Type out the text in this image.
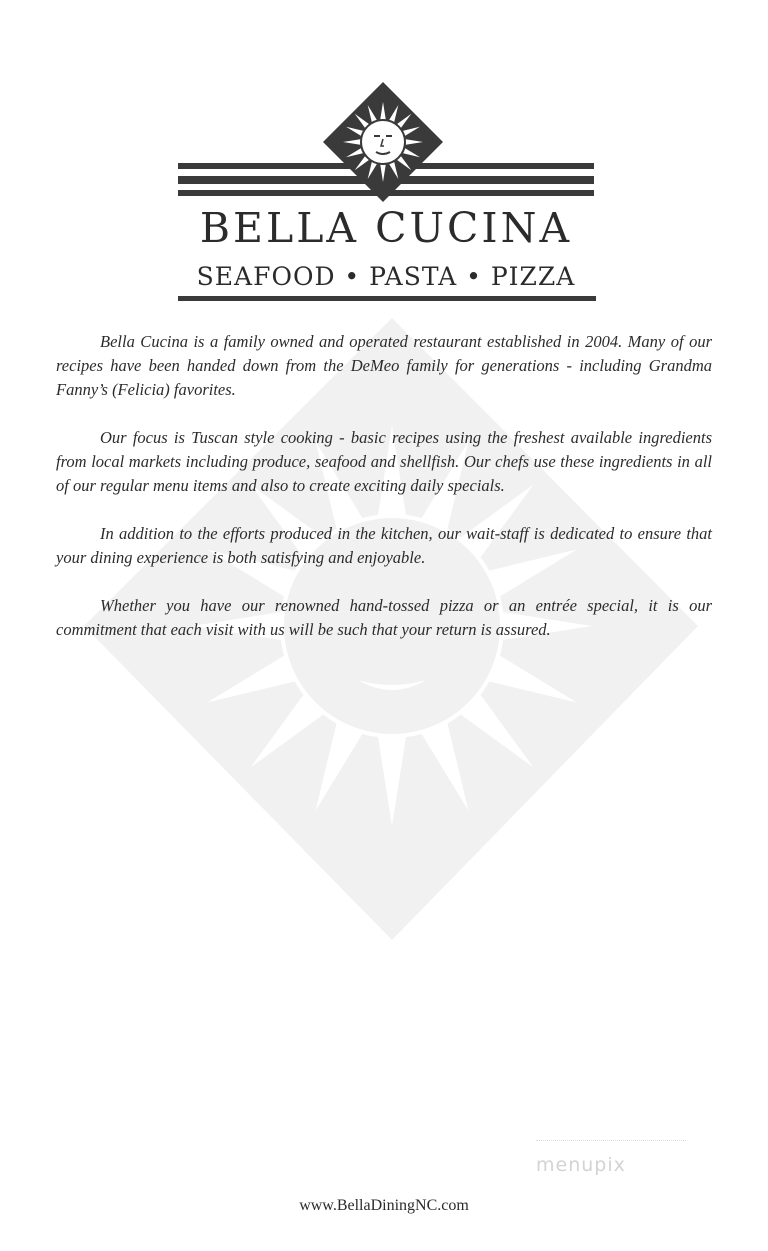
BELLA CUCINA
SEAFOOD • PASTA • PIZZA

Bella Cucina is a family owned and operated restaurant established in 2004. Many of our recipes have been handed down from the DeMeo family for generations - including Grandma Fanny’s (Felicia) favorites.

Our focus is Tuscan style cooking - basic recipes using the freshest available ingredients from local markets including produce, seafood and shellfish. Our chefs use these ingredients in all of our regular menu items and also to create exciting daily specials.

In addition to the efforts produced in the kitchen, our wait-staff is dedicated to ensure that your dining experience is both satisfying and enjoyable.

Whether you have our renowned hand-tossed pizza or an entrée special, it is our commitment that each visit with us will be such that your return is assured.

menupix
www.BellaDiningNC.com
